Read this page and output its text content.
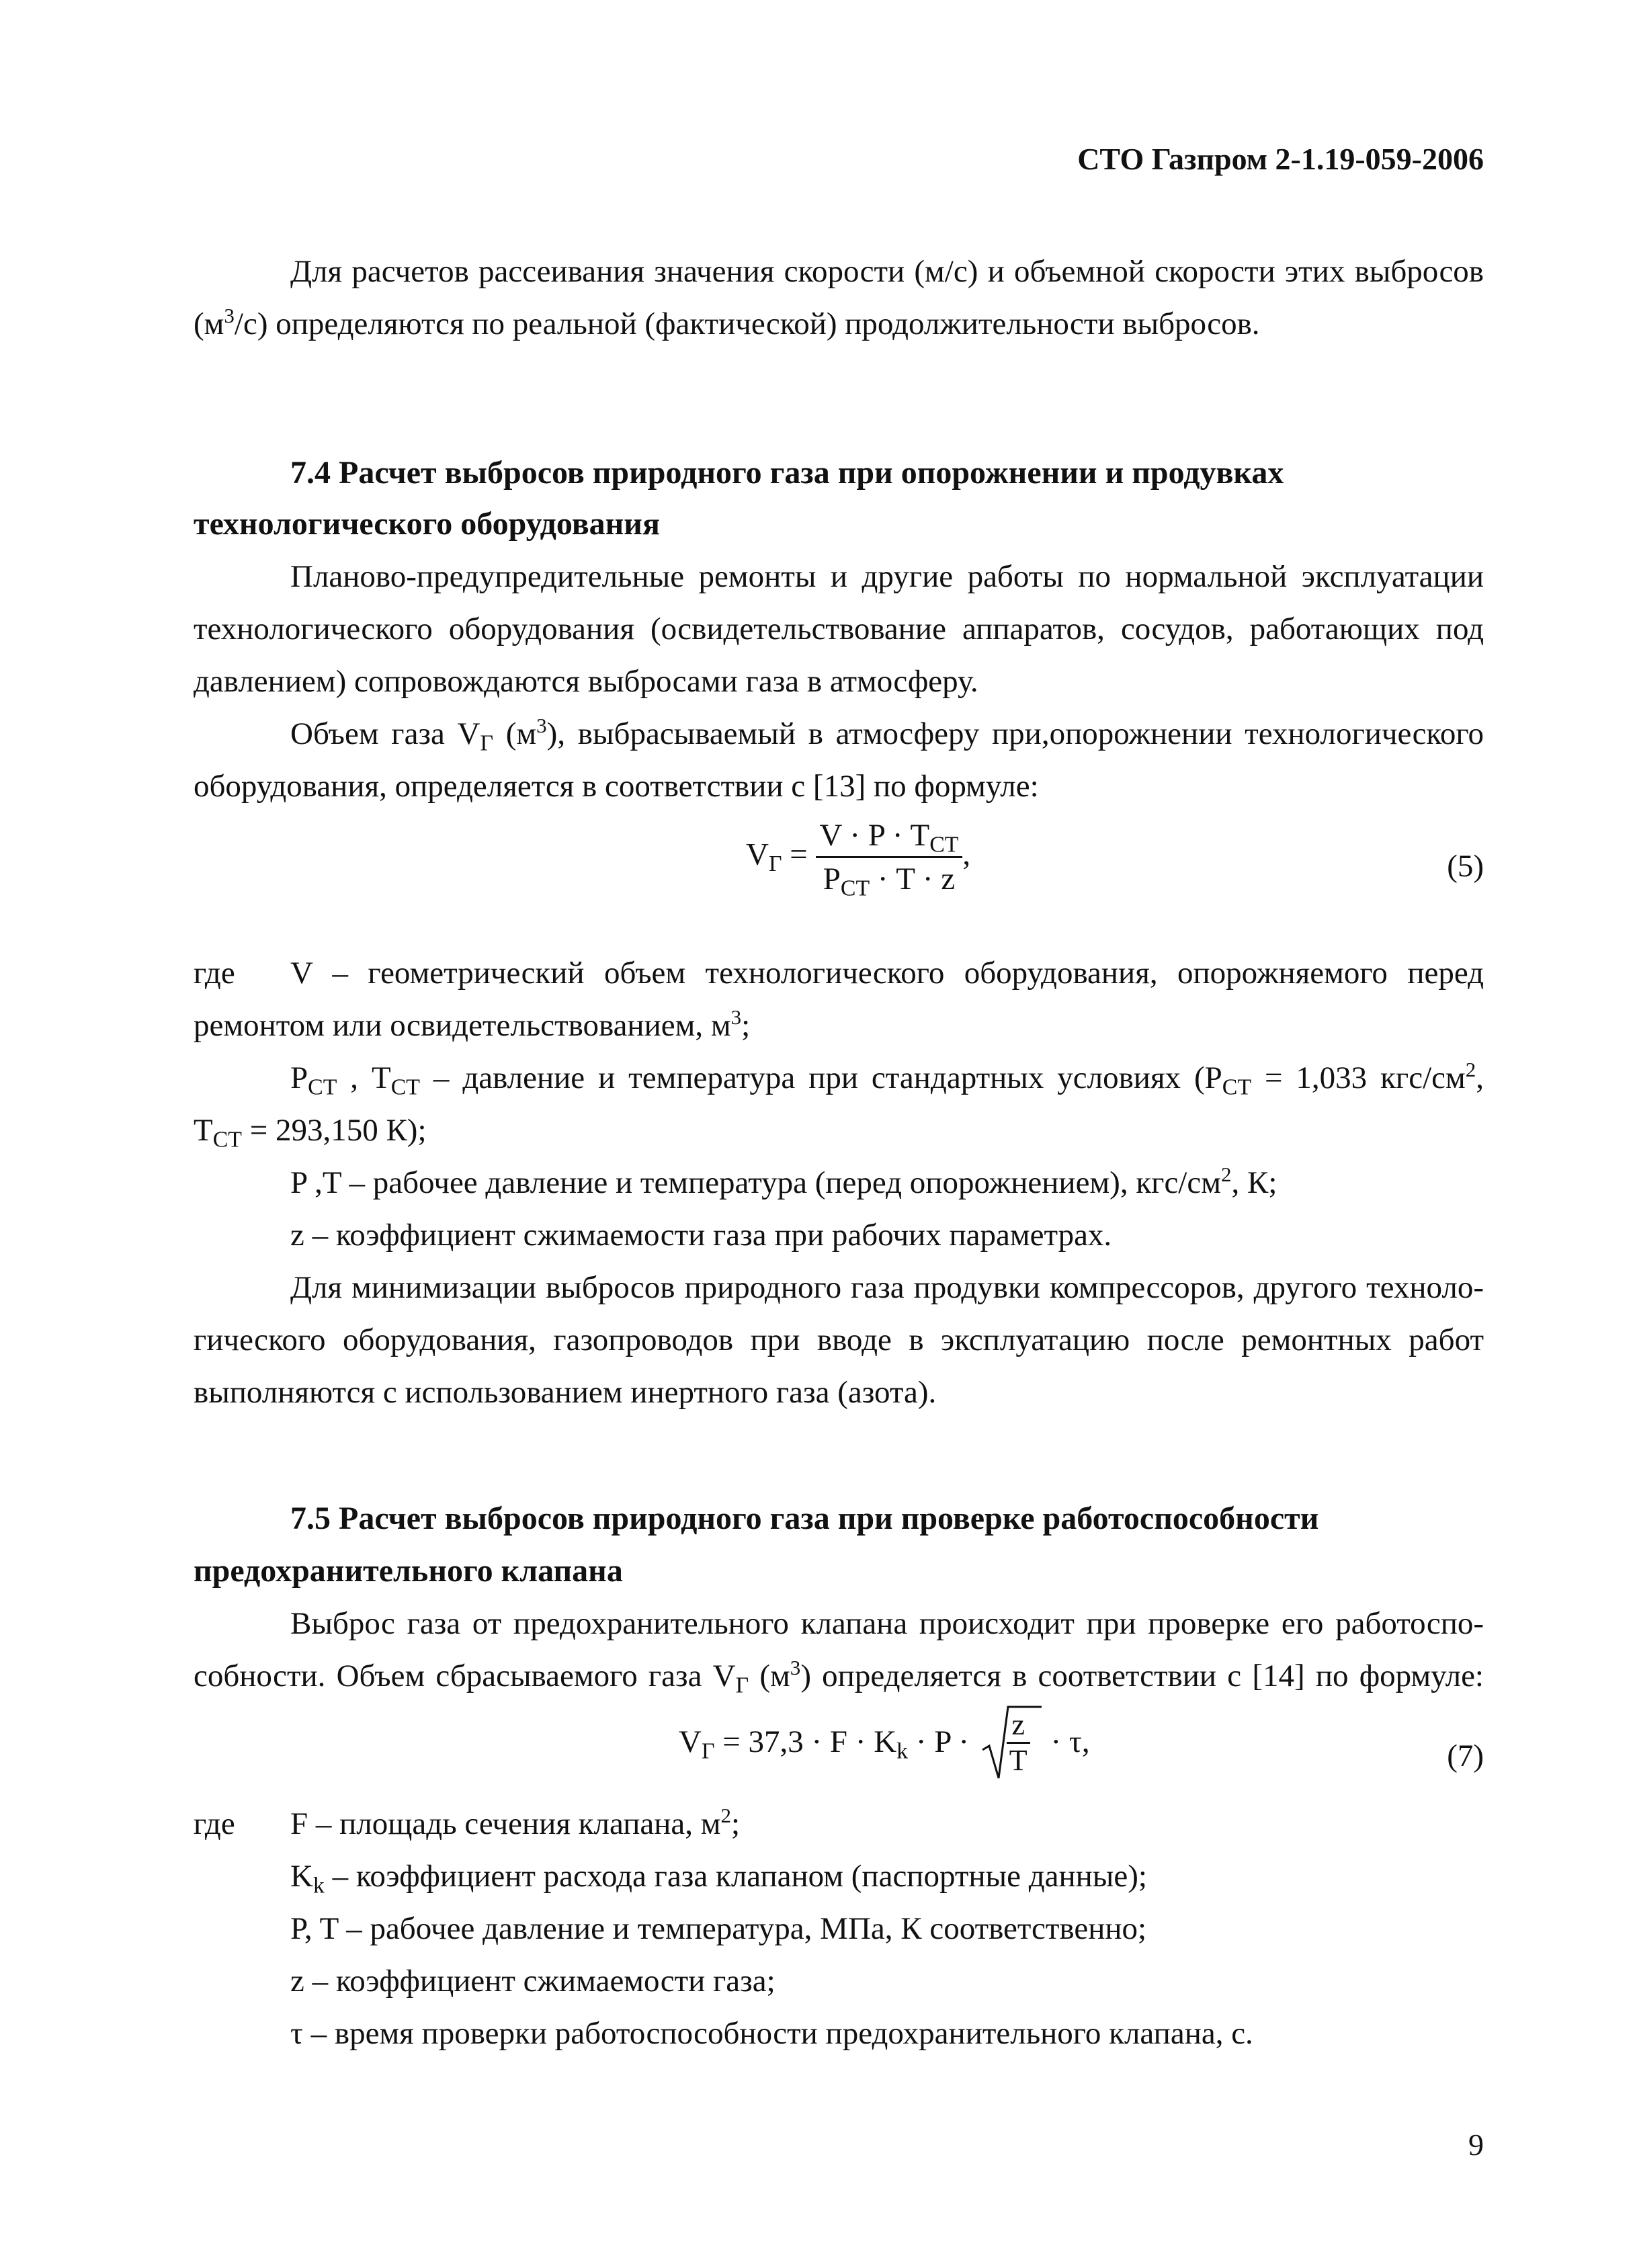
СТО Газпром 2-1.19-059-2006
Для расчетов рассеивания значения скорости (м/с) и объемной скорости этих выбросов
$(м^3/с)$ определяются по реальной (фактической) продолжительности выбросов.
7.4 Расчет выбросов природного газа при опорожнении и продувках
технологического оборудования
Планово-предупредительные ремонты и другие работы по нормальной эксплуатации
технологического оборудования (освидетельствование аппаратов, сосудов, работающих под
давлением) сопровождаются выбросами газа в атмосферу.
Объем газа $V_Г$ $(м^3)$, выбрасываемый в атмосферу при,опорожнении технологического
оборудования, определяется в соответствии с [13] по формуле:
$V_Г = \frac{V \cdot P \cdot T_{СТ}}{P_{СТ} \cdot T \cdot z}$ ,	(5)
где V – геометрический объем технологического оборудования, опорожняемого перед
ремонтом или освидетельствованием, $м^3$;
$P_{СТ}$ , $T_{СТ}$ – давление и температура при стандартных условиях ($P_{СТ} = 1,033$ кгс/$см^2$,
$T_{СТ} = 293,150$ К);
P ,T – рабочее давление и температура (перед опорожнением), кгс/$см^2$, К;
z – коэффициент сжимаемости газа при рабочих параметрах.
Для минимизации выбросов природного газа продувки компрессоров, другого техноло-
гического оборудования, газопроводов при вводе в эксплуатацию после ремонтных работ
выполняются с использованием инертного газа (азота).
7.5 Расчет выбросов природного газа при проверке работоспособности
предохранительного клапана
Выброс газа от предохранительного клапана происходит при проверке его работоспо-
собности. Объем сбрасываемого газа $V_Г$ $(м^3)$ определяется в соответствии с [14] по формуле:
$V_Г = 37,3 \cdot F \cdot K_k \cdot P \cdot \frac{z}{T} \cdot \tau$,	(7)
где F – площадь сечения клапана, $м^2$;
$K_k$ – коэффициент расхода газа клапаном (паспортные данные);
P, T – рабочее давление и температура, МПа, К соответственно;
z – коэффициент сжимаемости газа;
τ – время проверки работоспособности предохранительного клапана, с.
9
